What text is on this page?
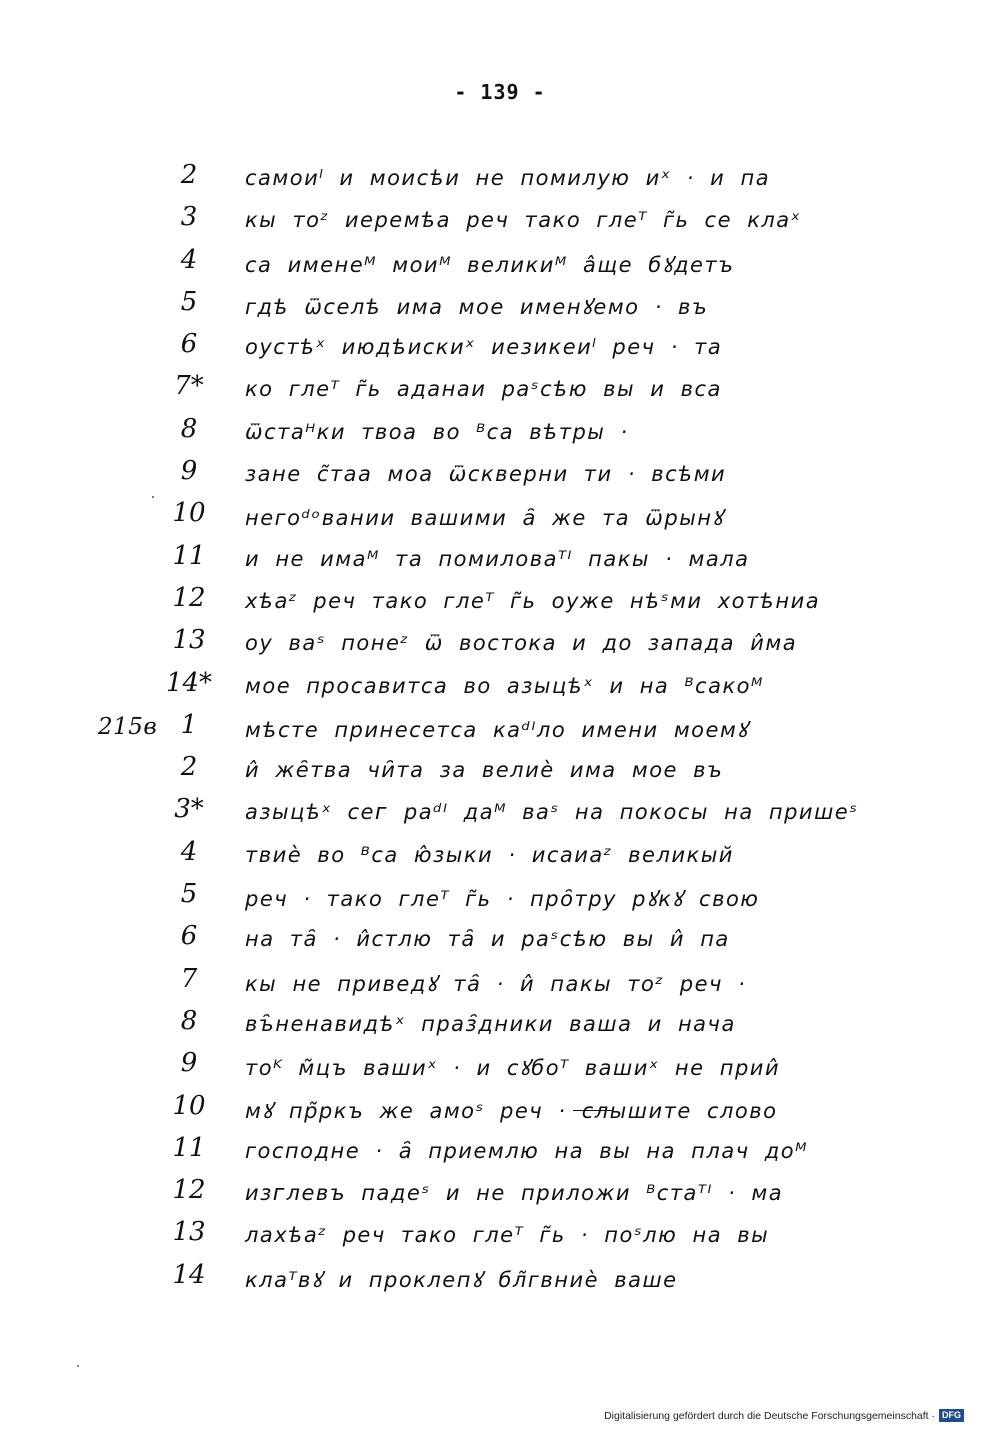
- 139 -
2	самоиˡ и моисѣи не помилую иˣ · и па
3	кы тоᶻ иеремѣа реч тако глеᵀ г̃ь се клаˣ
4	са именеᴹ моиᴹ великиᴹ а̂ще бꙋдетъ
5	гдѣ ѿселѣ има мое именꙋемо · въ
6	оустѣˣ июдѣискиˣ иезикеиˡ реч · та
7*	ко глеᵀ г̃ь аданаи раˢсѣю вы и вса
8	ѿстаᴴки твоа во ᴮса вѣтры ·
9	зане с̃таа моа ѿскверни ти · всѣми
10	негоᵈᵒвании вашими а̑ же та ѿрынꙋ
11	и не имаᴹ та помиловаᵀᴵ пакы · мала
12	хѣаᶻ реч тако глеᵀ г̃ь оуже нѣˢми хотѣниа
13	оу ваˢ понеᶻ ѿ востока и до запада и̂ма
14* мое просавитса во азыцѣˣ и на ᴮсакоᴹ
215в 1	мѣсте принесетса каᵈᴵло имени моемꙋ
2	и̂ же̑тва чи̑та за велиѐ има мое въ
3*	азыцѣˣ сеᴦ раᵈᴵ даᴹ ваˢ на покосы на пришеˢ
4	твиѐ во ᴮса ю̂зыки · исаиаᶻ великый
5	реч · тако глеᵀ г̃ь · про̑тру рꙋкꙋ свою
6	на та̑ · и̂стлю та̑ и раˢсѣю вы и̂ па
7	кы не приведꙋ та̑ · и̂ пакы тоᶻ реч ·
8	въ̑ненавидѣˣ праз̑дники ваша и нача
9	тоᴷ м̃цъ вашиˣ · и сꙋбоᵀ вашиˣ не прии̂
10	мꙋ пр̃ркъ же амоˢ реч · слышите слово
11	господне · а̑ приемлю на вы на плач доᴹ
12	изᴦлевъ падеˢ и не приложи ᴮстаᵀᴵ · ма
13	лахѣаᶻ реч тако глеᵀ г̃ь · поˢлю на вы
14	клаᵀвꙋ и проклепꙋ бл̃гвниѐ ваше
Digitalisierung gefördert durch die Deutsche Forschungsgemeinschaft · DFG
